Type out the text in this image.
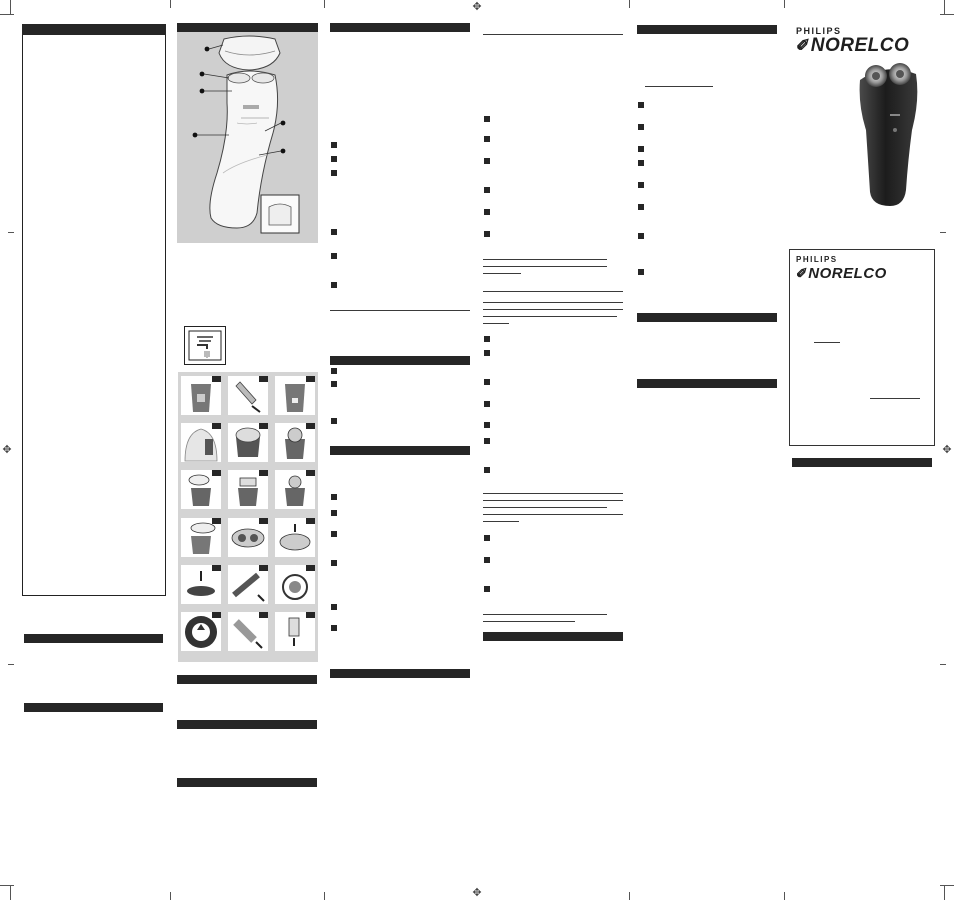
PHILIPS
✐NORELCO
PHILIPS
✐NORELCO
✥
✥
✥	✥
